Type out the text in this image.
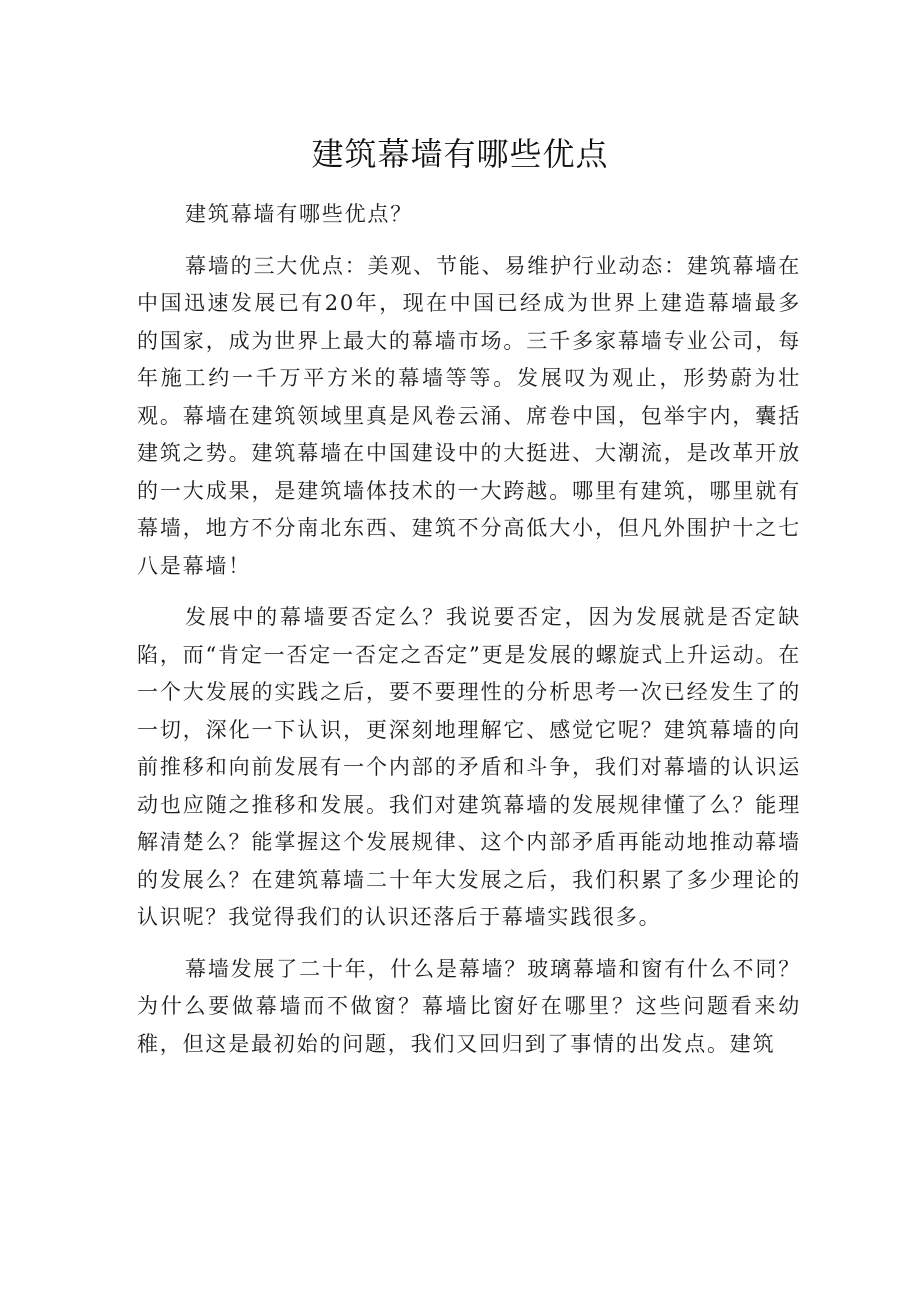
建筑幕墙有哪些优点

建筑幕墙有哪些优点？

幕墙的三大优点：美观、节能、易维护行业动态：建筑幕墙在中国迅速发展已有20年，现在中国已经成为世界上建造幕墙最多的国家，成为世界上最大的幕墙市场。三千多家幕墙专业公司，每年施工约一千万平方米的幕墙等等。发展叹为观止，形势蔚为壮观。幕墙在建筑领域里真是风卷云涌、席卷中国，包举宇内，囊括建筑之势。建筑幕墙在中国建设中的大挺进、大潮流，是改革开放的一大成果，是建筑墙体技术的一大跨越。哪里有建筑，哪里就有幕墙，地方不分南北东西、建筑不分高低大小，但凡外围护十之七八是幕墙！

发展中的幕墙要否定么？我说要否定，因为发展就是否定缺陷，而“肯定一否定一否定之否定”更是发展的螺旋式上升运动。在一个大发展的实践之后，要不要理性的分析思考一次已经发生了的一切，深化一下认识，更深刻地理解它、感觉它呢？建筑幕墙的向前推移和向前发展有一个内部的矛盾和斗争，我们对幕墙的认识运动也应随之推移和发展。我们对建筑幕墙的发展规律懂了么？能理解清楚么？能掌握这个发展规律、这个内部矛盾再能动地推动幕墙的发展么？在建筑幕墙二十年大发展之后，我们积累了多少理论的认识呢？我觉得我们的认识还落后于幕墙实践很多。

幕墙发展了二十年，什么是幕墙？玻璃幕墙和窗有什么不同？为什么要做幕墙而不做窗？幕墙比窗好在哪里？这些问题看来幼稚，但这是最初始的问题，我们又回归到了事情的出发点。建筑
